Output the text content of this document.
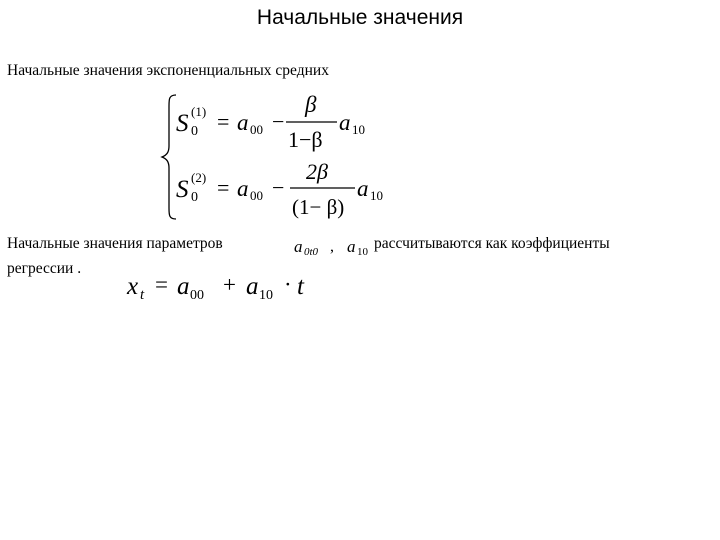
Начальные значения
Начальные значения экспоненциальных средних
S (1)
0 = a 00 −
β
1−β
a 10
S (2)
0 = a 00 −
2β
(1− β)
a 10
a 0t0 , a 10
x t = a 00 + a 10 · t
Начальные значения параметров	рассчитываются как коэффициенты
регрессии .
